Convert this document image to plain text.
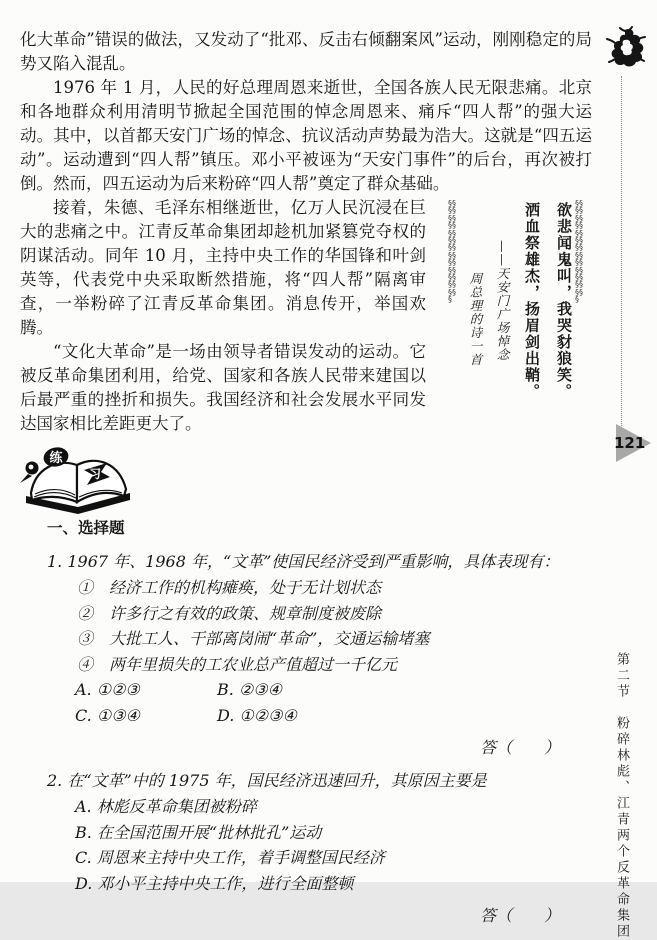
化大革命”错误的做法，又发动了“批邓、反击右倾翻案风”运动，刚刚稳定的局势又陷入混乱。

1976 年 1 月，人民的好总理周恩来逝世，全国各族人民无限悲痛。北京和各地群众利用清明节掀起全国范围的悼念周恩来、痛斥“四人帮”的强大运动。其中，以首都天安门广场的悼念、抗议活动声势最为浩大。这就是“四五运动”。运动遭到“四人帮”镇压。邓小平被诬为“天安门事件”的后台，再次被打倒。然而，四五运动为后来粉碎“四人帮”奠定了群众基础。

接着，朱德、毛泽东相继逝世，亿万人民沉浸在巨大的悲痛之中。江青反革命集团却趁机加紧篡党夺权的阴谋活动。同年 10 月，主持中央工作的华国锋和叶剑英等，代表党中央采取断然措施，将“四人帮”隔离审查，一举粉碎了江青反革命集团。消息传开，举国欢腾。

“文化大革命”是一场由领导者错误发动的运动。它被反革命集团利用，给党、国家和各族人民带来建国以后最严重的挫折和损失。我国经济和社会发展水平同发达国家相比差距更大了。

§§§§§§§§§§§§§§§§§§§§§§§§§§§	欲悲闻鬼叫，我哭豺狼笑。
洒血祭雄杰，扬眉剑出鞘。
——天安门广场悼念
周总理的诗一首
§§§§§§§§§§§§§§§§§§§§§§§§§§§
练
习
一、选择题

1. 1967 年、1968 年，“文革”使国民经济受到严重影响，具体表现有：

①　经济工作的机构瘫痪，处于无计划状态
②　许多行之有效的政策、规章制度被废除
③　大批工人、干部离岗闹“革命”，交通运输堵塞
④　两年里损失的工农业总产值超过一千亿元
A. ①②③	B. ②③④
C. ①③④	D. ①②③④
答（　　）

2. 在“文革”中的 1975 年，国民经济迅速回升，其原因主要是

A. 林彪反革命集团被粉碎
B. 在全国范围开展“批林批孔”运动
C. 周恩来主持中央工作，着手调整国民经济
D. 邓小平主持中央工作，进行全面整顿
答（　　）
121
第二节　粉碎林彪、江青两个反革命集团
